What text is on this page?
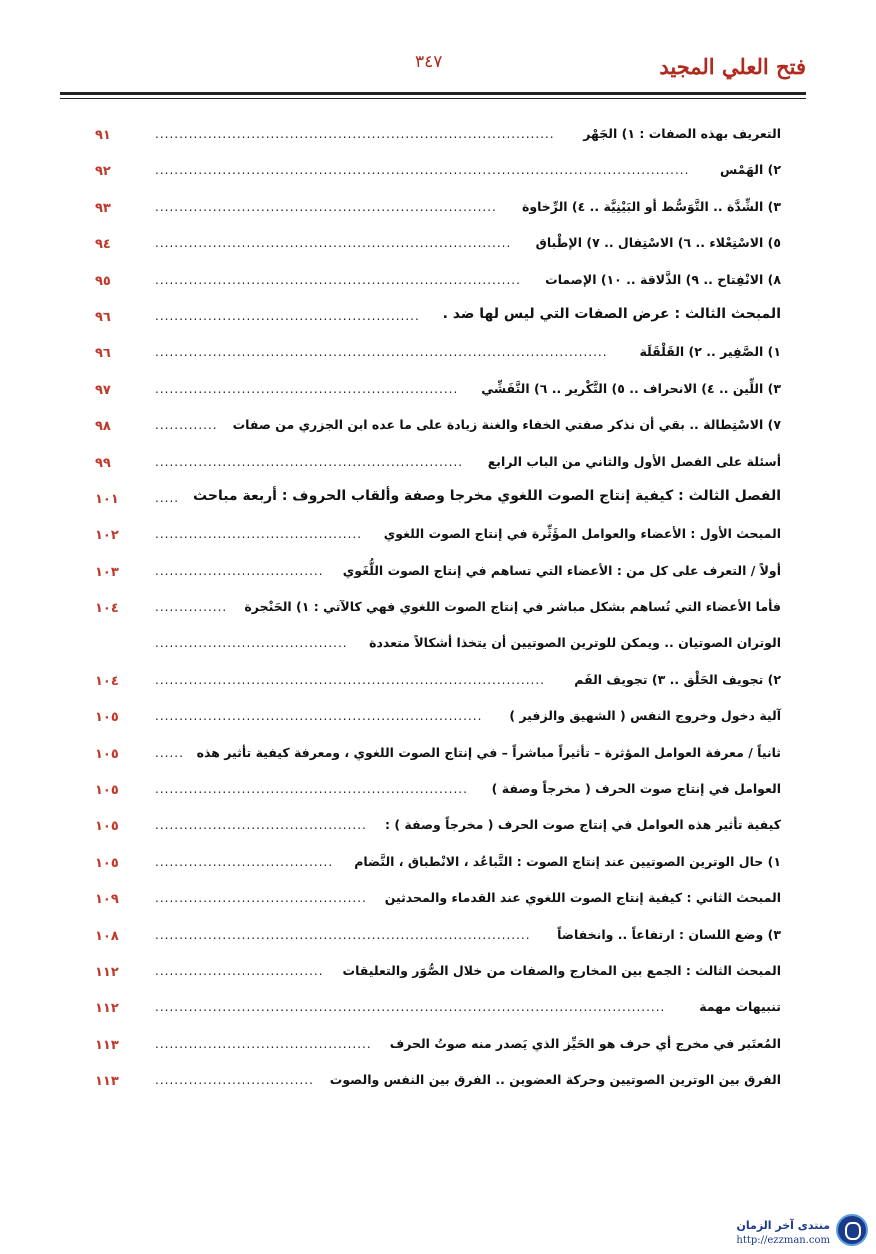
فتح العلي المجيد
٣٤٧
التعريف بهذه الصفات : ١) الجَهْر
...................................................................................
٩١
٢) الهَمْس
...............................................................................................................
٩٢
٣) الشِّدَّة .. التَّوَسُّط أو البَيْنِيَّة .. ٤) الرِّخاوة
.......................................................................
٩٣
٥) الاسْتِعْلاء .. ٦) الاسْتِفال .. ٧) الإطْباق
..........................................................................
٩٤
٨) الانْفِتاح .. ٩) الذَّلاقة .. ١٠) الإصمات
............................................................................
٩٥
المبحث الثالث : عرض الصفات التي ليس لها ضد .
.......................................................
٩٦
١) الصَّفِير .. ٢) القَلْقَلَة
..............................................................................................
٩٦
٣) اللِّين .. ٤) الانحراف .. ٥) التَّكْرير .. ٦) التَّفَشِّي
...............................................................
٩٧
٧) الاسْتِطالة .. بقي أن نذكر صفتي الخفاء والغنة زيادة على ما عده ابن الجزري من صفات
.............
٩٨
أسئلة على الفصل الأول والثاني من الباب الرابع
................................................................
٩٩
الفصل الثالث : كيفية إنتاج الصوت اللغوي مخرجا وصفة وألقاب الحروف : أربعة مباحث
.....
١٠١
المبحث الأول : الأعضاء والعوامل المؤَثِّرة في إنتاج الصوت اللغوي
...........................................
١٠٢
أولاً / التعرف على كل من : الأعضاء التي تساهم في إنتاج الصوت اللُّغَوي
...................................
١٠٣
فأما الأعضاء التي تُساهم بشكل مباشر في إنتاج الصوت اللغوي فهي كالآتي : ١) الحَنْجرة
...............
١٠٤
الوتران الصوتيان .. ويمكن للوترين الصوتيين أن يتخذا أشكالاً متعددة
........................................
٢) تجويف الحَلْق .. ٣) تجويف الفَم
.................................................................................
١٠٤
آلية دخول وخروج النفس ( الشهيق والزفير )
....................................................................
١٠٥
ثانياً / معرفة العوامل المؤثرة – تأثيراً مباشراً – في إنتاج الصوت اللغوي ، ومعرفة كيفية تأثير هذه
......
١٠٥
العوامل في إنتاج صوت الحرف ( مخرجاً وصفة )
.................................................................
١٠٥
كيفية تأثير هذه العوامل في إنتاج صوت الحرف ( مخرجاً وصفة ) :
............................................
١٠٥
١) حال الوترين الصوتيين عند إنتاج الصوت : التَّباعُد ، الانْطباق ، التَّضام
.....................................
١٠٥
المبحث الثاني : كيفية إنتاج الصوت اللغوي عند القدماء والمحدثين
............................................
١٠٩
٣) وضع اللسان : ارتفاعاً .. وانخفاضاً
..............................................................................
١٠٨
المبحث الثالث : الجمع بين المخارج والصفات من خلال الصُّوَر والتعليقات
...................................
١١٢
تنبيهات مهمة
..........................................................................................................
١١٢
المُعتَبر في مخرج أي حرف هو الحَيِّز الذي يَصدر منه صوتُ الحرف
.............................................
١١٣
الفرق بين الوترين الصوتيين وحركة العضوين .. الفرق بين النفس والصوت
.................................
١١٣
منتدى آخر الزمان
http://ezzman.com
